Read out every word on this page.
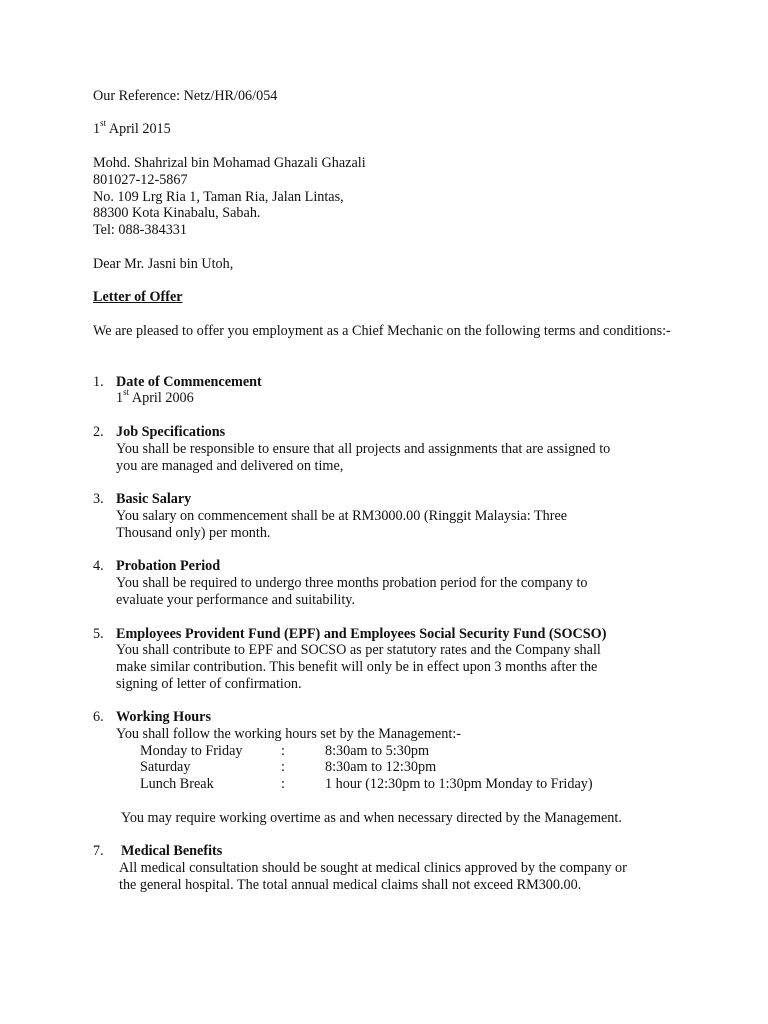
Our Reference: Netz/HR/06/054
1st April 2015
Mohd. Shahrizal bin Mohamad Ghazali Ghazali
801027-12-5867
No. 109 Lrg Ria 1, Taman Ria, Jalan Lintas,
88300 Kota Kinabalu, Sabah.
Tel: 088-384331
Dear Mr. Jasni bin Utoh,
Letter of Offer
We are pleased to offer you employment as a Chief Mechanic on the following terms and conditions:-
1. Date of Commencement
1st April 2006
2. Job Specifications
You shall be responsible to ensure that all projects and assignments that are assigned to
you are managed and delivered on time,
3. Basic Salary
You salary on commencement shall be at RM3000.00 (Ringgit Malaysia: Three
Thousand only) per month.
4. Probation Period
You shall be required to undergo three months probation period for the company to
evaluate your performance and suitability.
5. Employees Provident Fund (EPF) and Employees Social Security Fund (SOCSO)
You shall contribute to EPF and SOCSO as per statutory rates and the Company shall
make similar contribution. This benefit will only be in effect upon 3 months after the
signing of letter of confirmation.
6. Working Hours
You shall follow the working hours set by the Management:-
Monday to Friday	:	8:30am to 5:30pm
Saturday	:	8:30am to 12:30pm
Lunch Break	:	1 hour (12:30pm to 1:30pm Monday to Friday)
You may require working overtime as and when necessary directed by the Management.
7. Medical Benefits
All medical consultation should be sought at medical clinics approved by the company or
the general hospital. The total annual medical claims shall not exceed RM300.00.
